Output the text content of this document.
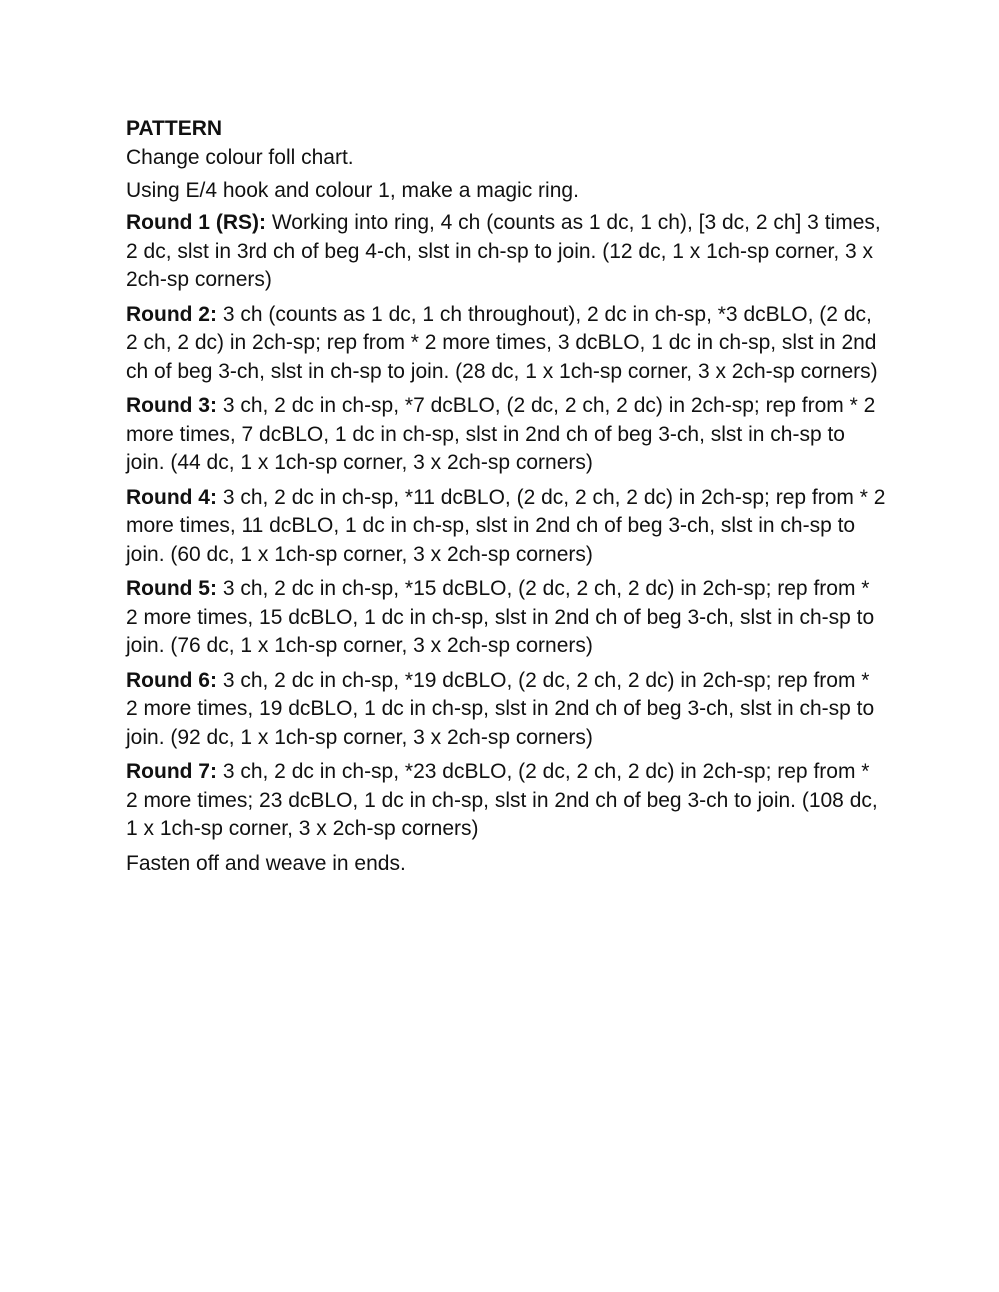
PATTERN

Change colour foll chart.

Using E/4 hook and colour 1, make a magic ring.

Round 1 (RS): Working into ring, 4 ch (counts as 1 dc, 1 ch), [3 dc, 2 ch] 3 times, 2 dc, slst in 3rd ch of beg 4-ch, slst in ch-sp to join. (12 dc, 1 x 1ch-sp corner, 3 x 2ch-sp corners)

Round 2: 3 ch (counts as 1 dc, 1 ch throughout), 2 dc in ch-sp, *3 dcBLO, (2 dc, 2 ch, 2 dc) in 2ch-sp; rep from * 2 more times, 3 dcBLO, 1 dc in ch-sp, slst in 2nd ch of beg 3-ch, slst in ch-sp to join. (28 dc, 1 x 1ch-sp corner, 3 x 2ch-sp corners)

Round 3: 3 ch, 2 dc in ch-sp, *7 dcBLO, (2 dc, 2 ch, 2 dc) in 2ch-sp; rep from * 2 more times, 7 dcBLO, 1 dc in ch-sp, slst in 2nd ch of beg 3-ch, slst in ch-sp to join. (44 dc, 1 x 1ch-sp corner, 3 x 2ch-sp corners)

Round 4: 3 ch, 2 dc in ch-sp, *11 dcBLO, (2 dc, 2 ch, 2 dc) in 2ch-sp; rep from * 2 more times, 11 dcBLO, 1 dc in ch-sp, slst in 2nd ch of beg 3-ch, slst in ch-sp to join. (60 dc, 1 x 1ch-sp corner, 3 x 2ch-sp corners)

Round 5: 3 ch, 2 dc in ch-sp, *15 dcBLO, (2 dc, 2 ch, 2 dc) in 2ch-sp; rep from * 2 more times, 15 dcBLO, 1 dc in ch-sp, slst in 2nd ch of beg 3-ch, slst in ch-sp to join. (76 dc, 1 x 1ch-sp corner, 3 x 2ch-sp corners)

Round 6: 3 ch, 2 dc in ch-sp, *19 dcBLO, (2 dc, 2 ch, 2 dc) in 2ch-sp; rep from * 2 more times, 19 dcBLO, 1 dc in ch-sp, slst in 2nd ch of beg 3-ch, slst in ch-sp to join. (92 dc, 1 x 1ch-sp corner, 3 x 2ch-sp corners)

Round 7: 3 ch, 2 dc in ch-sp, *23 dcBLO, (2 dc, 2 ch, 2 dc) in 2ch-sp; rep from * 2 more times; 23 dcBLO, 1 dc in ch-sp, slst in 2nd ch of beg 3-ch to join. (108 dc, 1 x 1ch-sp corner, 3 x 2ch-sp corners)

Fasten off and weave in ends.
